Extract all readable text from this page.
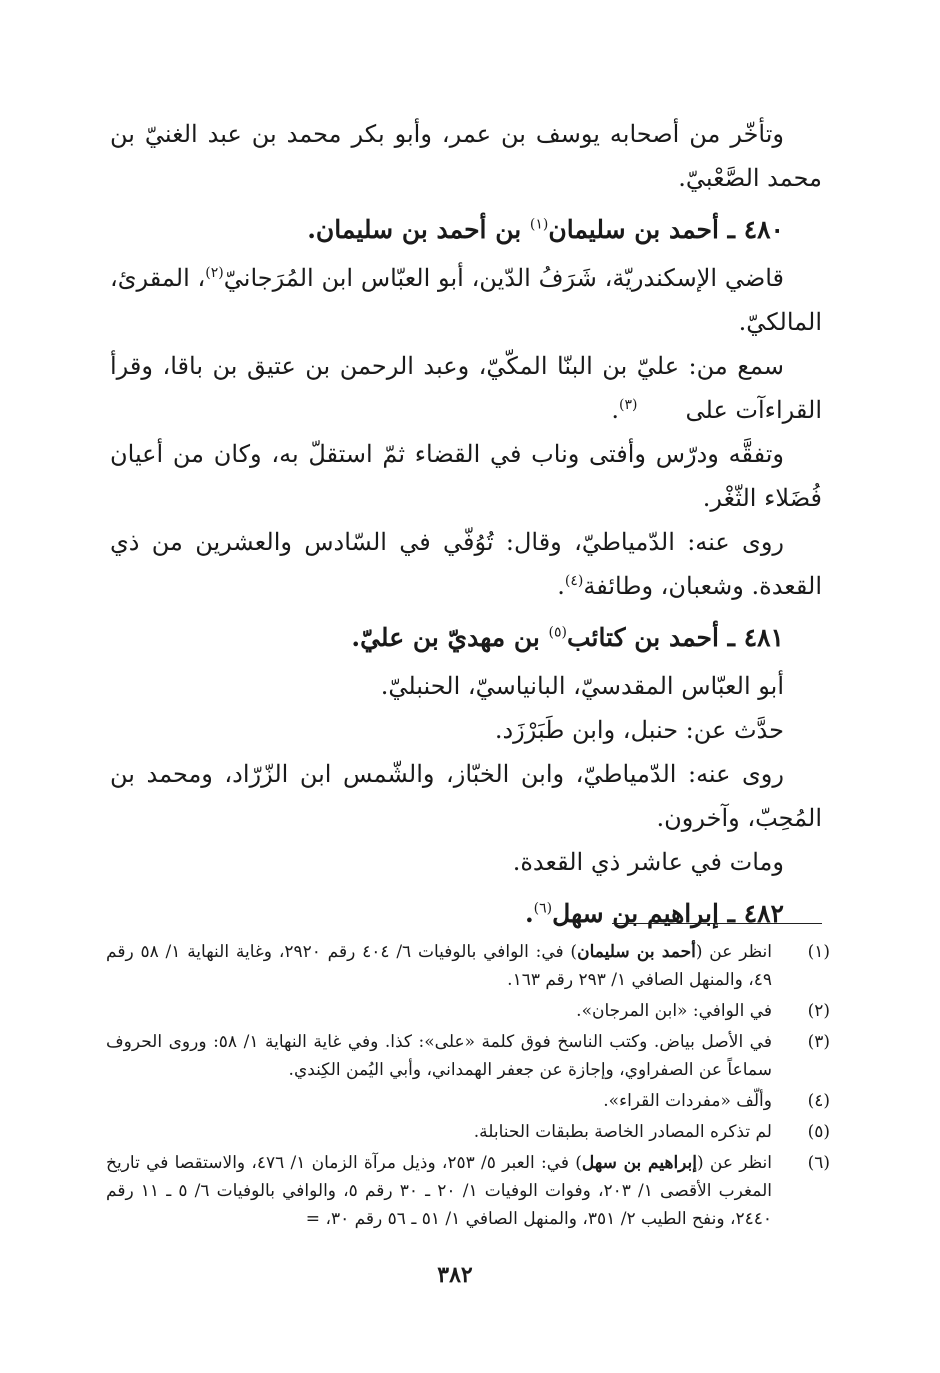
وتأخّر من أصحابه يوسف بن عمر، وأبو بكر محمد بن عبد الغنيّ بن محمد الصَّعْبيّ.

٤٨٠ ـ أحمد بن سليمان$^{(١)}$ بن أحمد بن سليمان.

قاضي الإسكندريّة، شَرَفُ الدّين، أبو العبّاس ابن المُرَجانيّ$^{(٢)}$، المقرئ، المالكيّ.

سمع من: عليّ بن البنّا المكّيّ، وعبد الرحمن بن عتيق بن باقا، وقرأ القراءآت على  $^{(٣)}$.

وتفقَّه ودرّس وأفتى وناب في القضاء ثمّ استقلّ به، وكان من أعيان فُضَلاء الثّغْر.

روى عنه: الدّمياطيّ، وقال: تُوُفّي في السّادس والعشرين من ذي القعدة. وشعبان، وطائفة$^{(٤)}$.

٤٨١ ـ أحمد بن كتائب$^{(٥)}$ بن مهديّ بن عليّ.

أبو العبّاس المقدسيّ، البانياسيّ، الحنبليّ.

حدَّث عن: حنبل، وابن طَبَرْزَد.

روى عنه: الدّمياطيّ، وابن الخبّاز، والشّمس ابن الزّرّاد، ومحمد بن المُحِبّ، وآخرون.

ومات في عاشر ذي القعدة.

٤٨٢ ـ إبراهيم بن سهل$^{(٦)}$.
(١)
انظر عن (أحمد بن سليمان) في: الوافي بالوفيات ٦/ ٤٠٤ رقم ٢٩٢٠، وغاية النهاية ١/ ٥٨ رقم ٤٩، والمنهل الصافي ١/ ٢٩٣ رقم ١٦٣.
(٢)
في الوافي: «ابن المرجان».
(٣)
في الأصل بياض. وكتب الناسخ فوق كلمة «على»: كذا. وفي غاية النهاية ١/ ٥٨: وروى الحروف سماعاً عن الصفراوي، وإجازة عن جعفر الهمداني، وأبي اليُمن الكِندي.
(٤)
وألّف «مفردات القراء».
(٥)
لم تذكره المصادر الخاصة بطبقات الحنابلة.
(٦)
انظر عن (إبراهيم بن سهل) في: العبر ٥/ ٢٥٣، وذيل مرآة الزمان ١/ ٤٧٦، والاستقصا في تاريخ المغرب الأقصى ١/ ٢٠٣، وفوات الوفيات ١/ ٢٠ ـ ٣٠ رقم ٥، والوافي بالوفيات ٦/ ٥ ـ ١١ رقم ٢٤٤٠، ونفح الطيب ٢/ ٣٥١، والمنهل الصافي ١/ ٥١ ـ ٥٦ رقم ٣٠، =
٣٨٢
